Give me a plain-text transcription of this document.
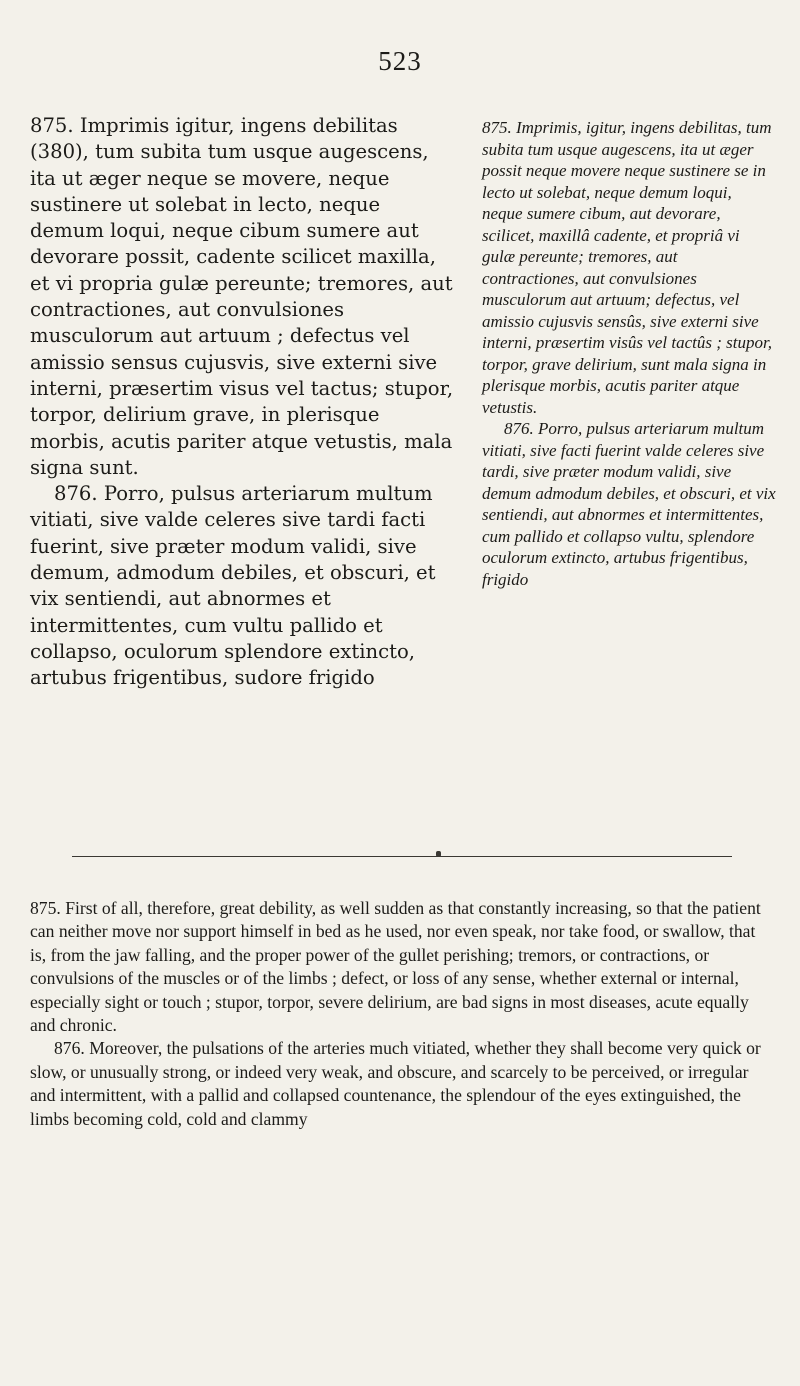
523

875. Imprimis igitur, ingens debilitas (380), tum subita tum usque augescens, ita ut æger neque se movere, neque sustinere ut solebat in lecto, neque demum loqui, neque cibum sumere aut devorare possit, cadente scilicet maxilla, et vi propria gulæ pereunte; tremores, aut contractiones, aut convulsiones musculorum aut artuum ; defectus vel amissio sensus cujusvis, sive externi sive interni, præsertim visus vel tactus; stupor, torpor, delirium grave, in plerisque morbis, acutis pariter atque vetustis, mala signa sunt.

876. Porro, pulsus arteriarum multum vitiati, sive valde celeres sive tardi facti fuerint, sive præter modum validi, sive demum, admodum debiles, et obscuri, et vix sentiendi, aut abnormes et intermittentes, cum vultu pallido et collapso, oculorum splendore extincto, artubus frigentibus, sudore frigido

875. Imprimis, igitur, ingens debilitas, tum subita tum usque augescens, ita ut æger possit neque movere neque sustinere se in lecto ut solebat, neque demum loqui, neque sumere cibum, aut devorare, scilicet, maxillâ cadente, et propriâ vi gulæ pereunte; tremores, aut contractiones, aut convulsiones musculorum aut artuum; defectus, vel amissio cujusvis sensûs, sive externi sive interni, præsertim visûs vel tactûs ; stupor, torpor, grave delirium, sunt mala signa in plerisque morbis, acutis pariter atque vetustis.

876. Porro, pulsus arteriarum multum vitiati, sive facti fuerint valde celeres sive tardi, sive præter modum validi, sive demum admodum debiles, et obscuri, et vix sentiendi, aut abnormes et intermittentes, cum pallido et collapso vultu, splendore oculorum extincto, artubus frigentibus, frigido

875. First of all, therefore, great debility, as well sudden as that constantly increasing, so that the patient can neither move nor support himself in bed as he used, nor even speak, nor take food, or swallow, that is, from the jaw falling, and the proper power of the gullet perishing; tremors, or contractions, or convulsions of the muscles or of the limbs ; defect, or loss of any sense, whether external or internal, especially sight or touch ; stupor, torpor, severe delirium, are bad signs in most diseases, acute equally and chronic.

876. Moreover, the pulsations of the arteries much vitiated, whether they shall become very quick or slow, or unusually strong, or indeed very weak, and obscure, and scarcely to be perceived, or irregular and intermittent, with a pallid and collapsed countenance, the splendour of the eyes extinguished, the limbs becoming cold, cold and clammy
